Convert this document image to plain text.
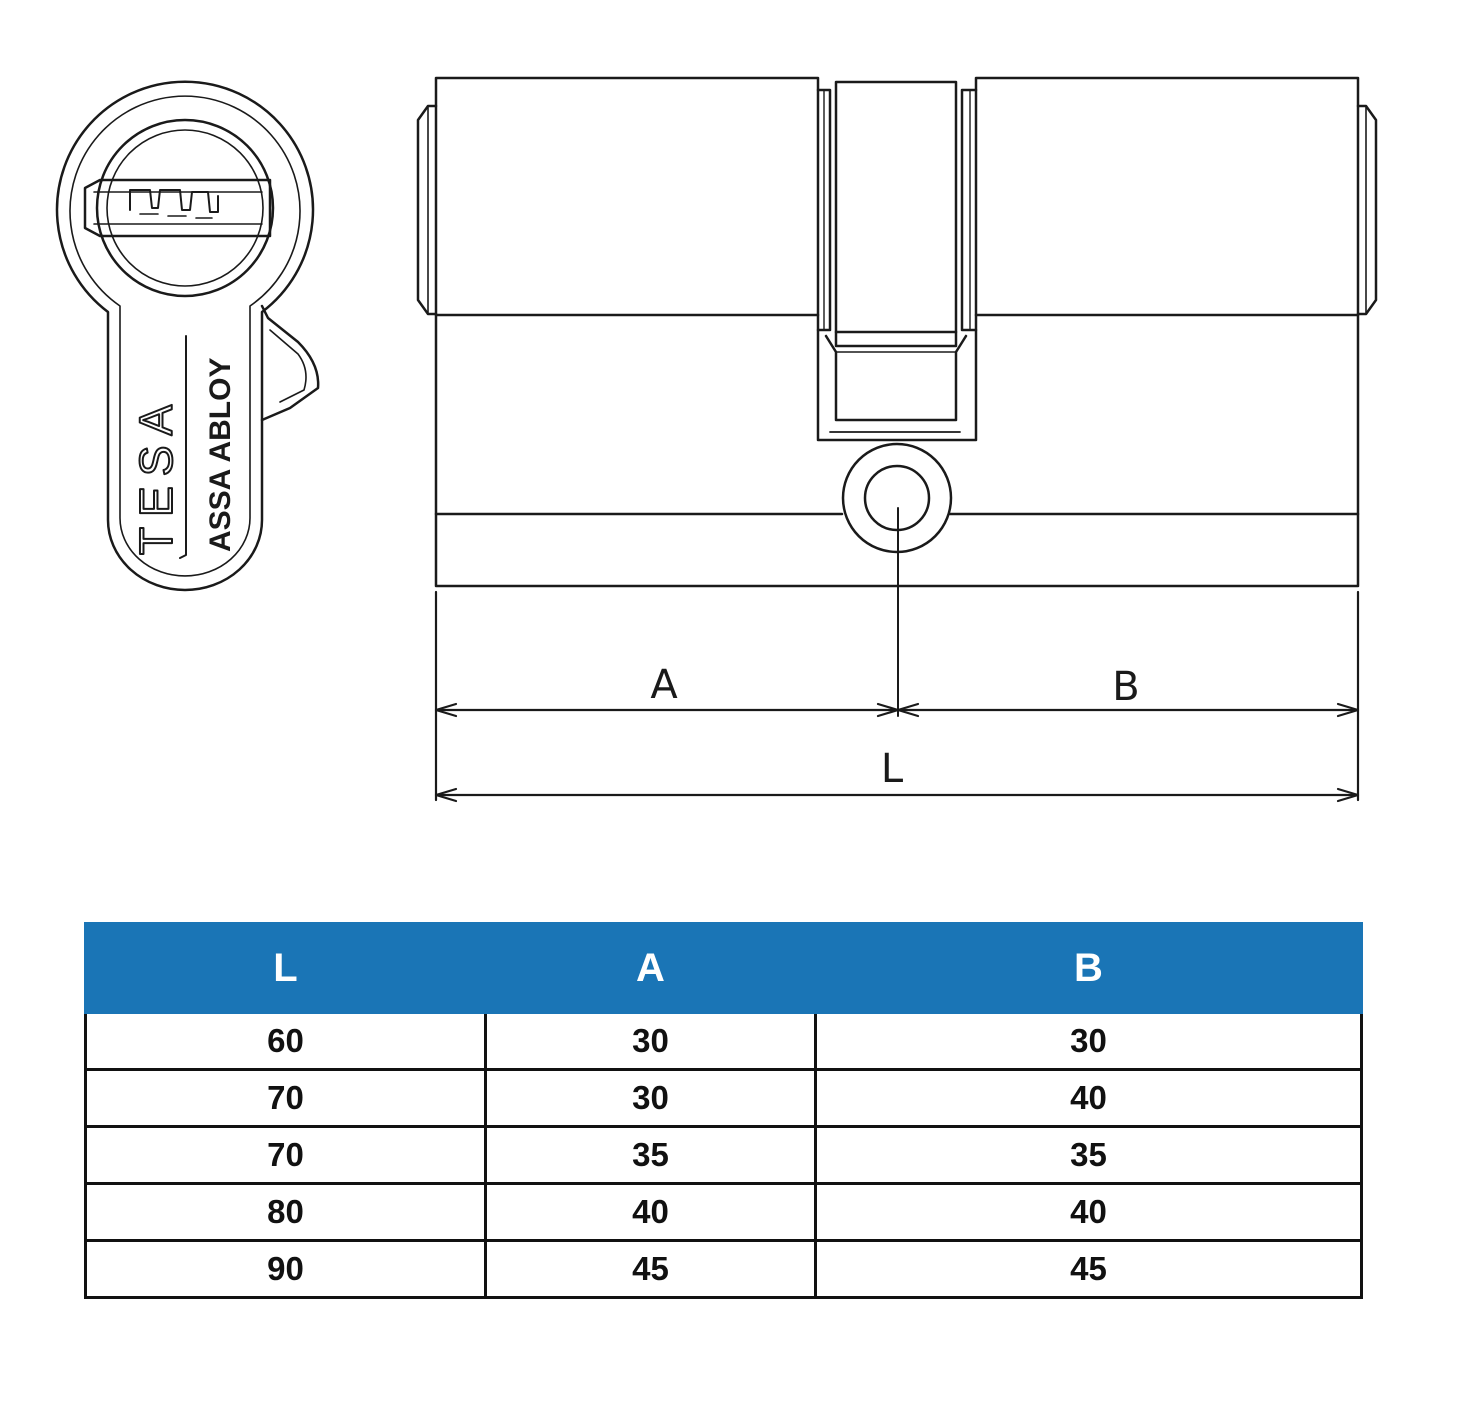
TESA ASSA ABLOY
A	B
L
L	A	B
60	30	30
70	30	40
70	35	35
80	40	40
90	45	45
